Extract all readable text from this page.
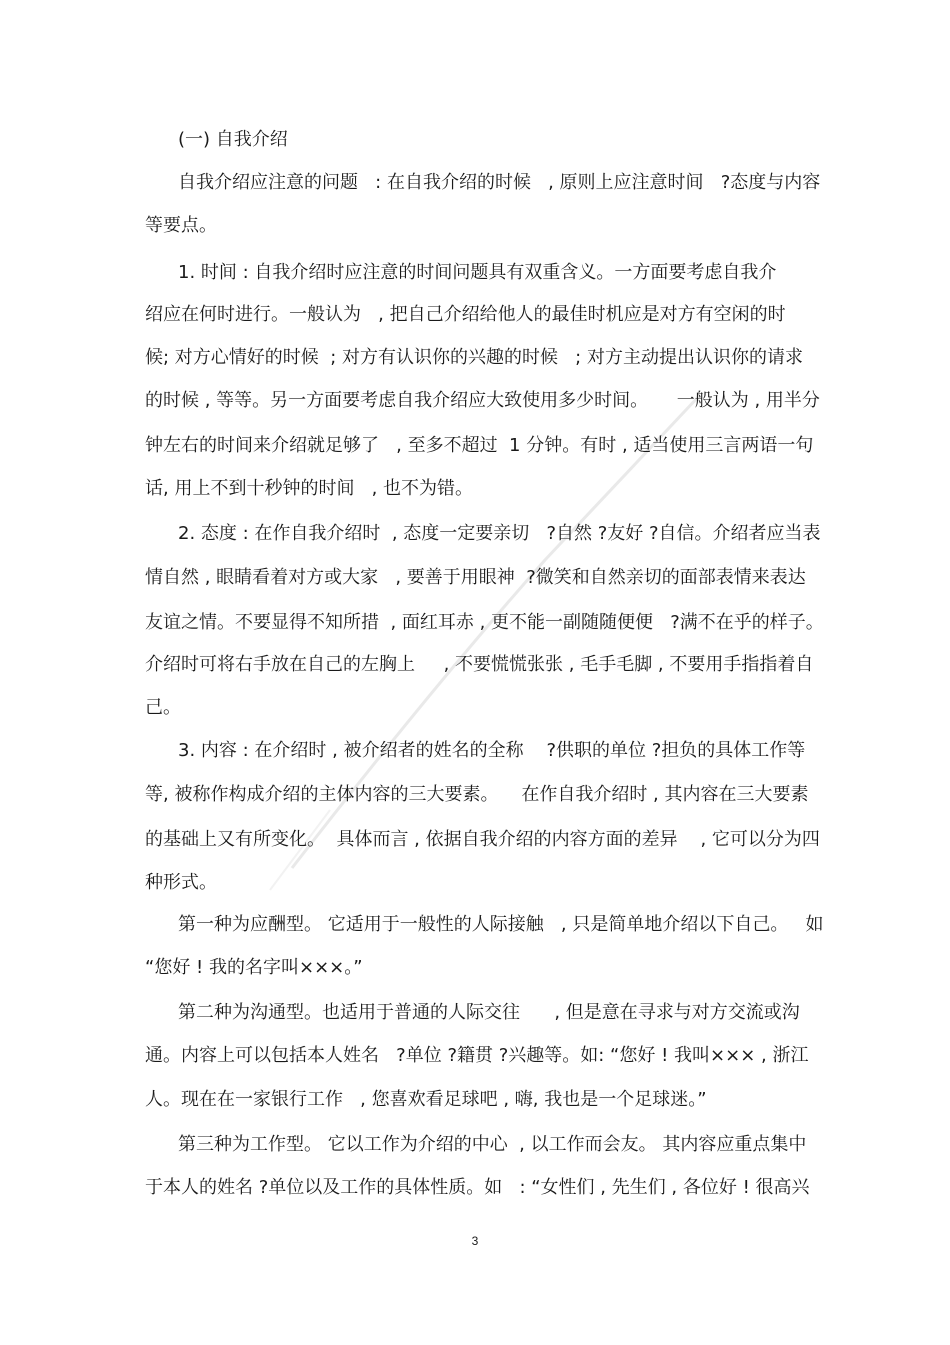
(一) 自我介绍
自我介绍应注意的问题   : 在自我介绍的时候   , 原则上应注意时间   ?态度与内容
等要点。
1. 时间 : 自我介绍时应注意的时间问题具有双重含义。一方面要考虑自我介
绍应在何时进行。一般认为   , 把自己介绍给他人的最佳时机应是对方有空闲的时
候; 对方心情好的时候  ; 对方有认识你的兴趣的时候   ; 对方主动提出认识你的请求
的时候 , 等等。另一方面要考虑自我介绍应大致使用多少时间。     一般认为 , 用半分
钟左右的时间来介绍就足够了   , 至多不超过  1 分钟。有时 , 适当使用三言两语一句
话, 用上不到十秒钟的时间   , 也不为错。
2. 态度 : 在作自我介绍时  , 态度一定要亲切   ?自然 ?友好 ?自信。介绍者应当表
情自然 , 眼睛看着对方或大家   , 要善于用眼神  ?微笑和自然亲切的面部表情来表达
友谊之情。不要显得不知所措  , 面红耳赤 , 更不能一副随随便便   ?满不在乎的样子。
介绍时可将右手放在自己的左胸上     , 不要慌慌张张 , 毛手毛脚 , 不要用手指指着自
己。
3. 内容 : 在介绍时 , 被介绍者的姓名的全称    ?供职的单位 ?担负的具体工作等
等, 被称作构成介绍的主体内容的三大要素。    在作自我介绍时 , 其内容在三大要素
的基础上又有所变化。  具体而言 , 依据自我介绍的内容方面的差异    , 它可以分为四
种形式。
第一种为应酬型。 它适用于一般性的人际接触   , 只是简单地介绍以下自己。   如
“您好 ! 我的名字叫×××。”
第二种为沟通型。也适用于普通的人际交往      , 但是意在寻求与对方交流或沟
通。内容上可以包括本人姓名   ?单位 ?籍贯 ?兴趣等。如: “您好 ! 我叫××× , 浙江
人。现在在一家银行工作   , 您喜欢看足球吧 , 嗨, 我也是一个足球迷。”
第三种为工作型。 它以工作为介绍的中心  , 以工作而会友。 其内容应重点集中
于本人的姓名 ?单位以及工作的具体性质。如   : “女性们 , 先生们 , 各位好 ! 很高兴
3
